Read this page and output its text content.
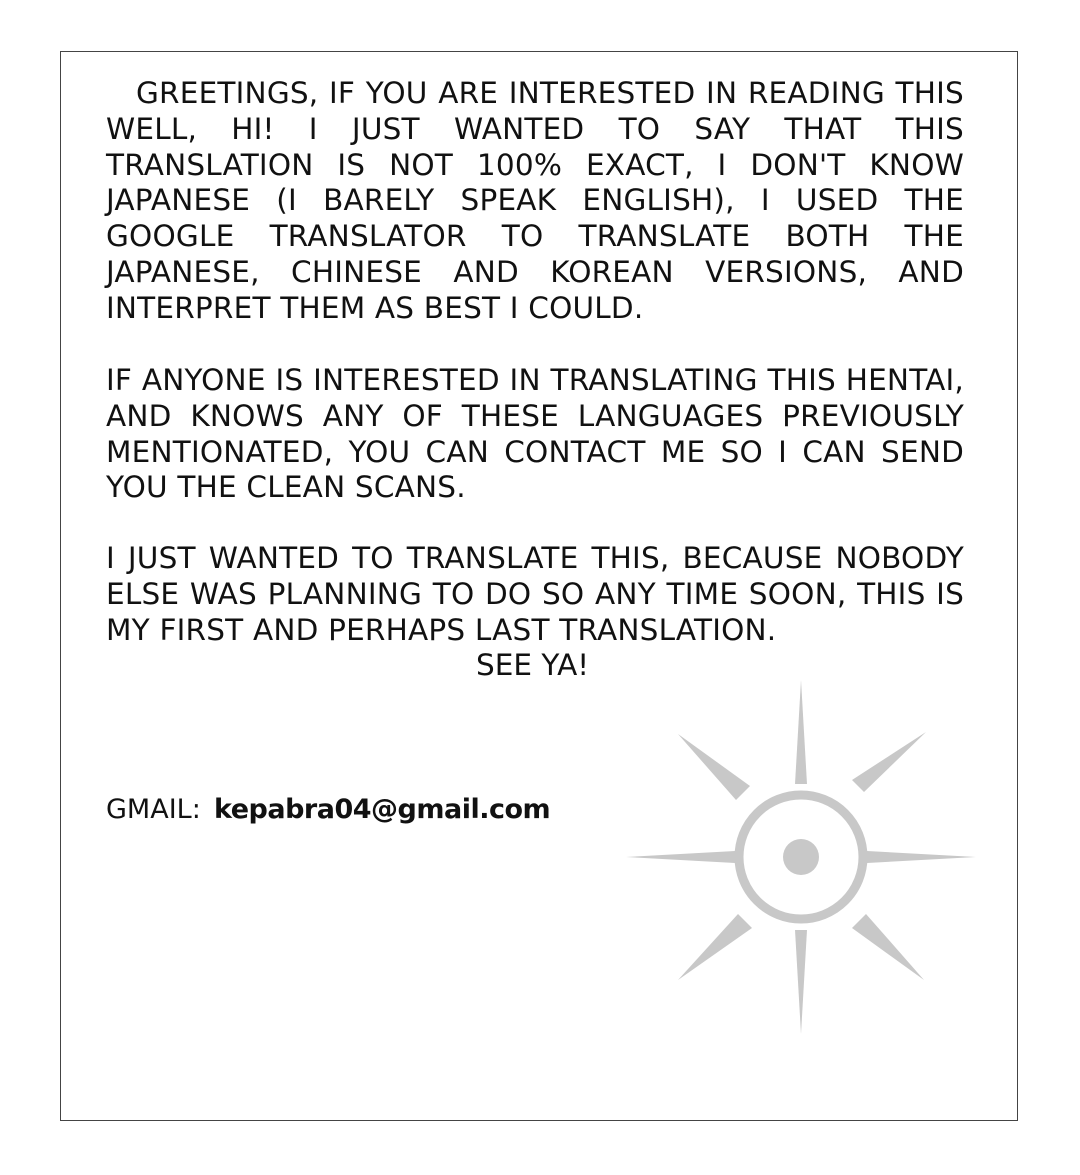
GREETINGS, IF YOU ARE INTERESTED IN READING THIS WELL, HI! I JUST WANTED TO SAY THAT THIS TRANSLATION IS NOT 100% EXACT, I DON'T KNOW JAPANESE (I BARELY SPEAK ENGLISH), I USED THE GOOGLE TRANSLATOR TO TRANSLATE BOTH THE JAPANESE, CHINESE AND KOREAN VERSIONS, AND INTERPRET THEM AS BEST I COULD.
IF ANYONE IS INTERESTED IN TRANSLATING THIS HENTAI, AND KNOWS ANY OF THESE LANGUAGES PREVIOUSLY MENTIONATED, YOU CAN CONTACT ME SO I CAN SEND YOU THE CLEAN SCANS.
I JUST WANTED TO TRANSLATE THIS, BECAUSE NOBODY ELSE WAS PLANNING TO DO SO ANY TIME SOON, THIS IS MY FIRST AND PERHAPS LAST TRANSLATION.
SEE YA!
GMAIL: kepabra04@gmail.com
